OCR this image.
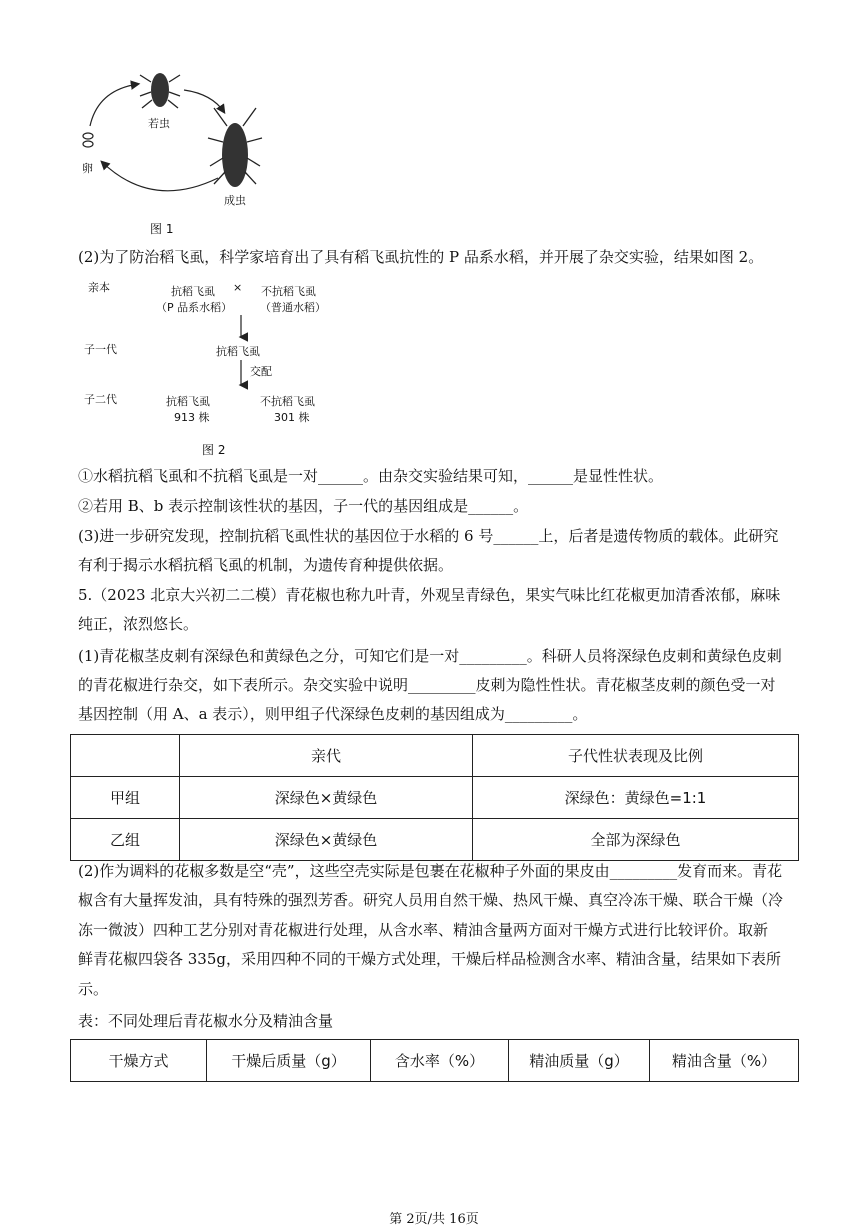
若虫
成虫
卵
图 1
(2)为了防治稻飞虱，科学家培育出了具有稻飞虱抗性的 P 品系水稻，并开展了杂交实验，结果如图 2。
亲本	抗稻飞虱
（P 品系水稻）
× 不抗稻飞虱
（普通水稻）
子一代	抗稻飞虱
交配
子二代	抗稻飞虱
913 株
不抗稻飞虱
301 株
图 2
①水稻抗稻飞虱和不抗稻飞虱是一对______。由杂交实验结果可知，______是显性性状。
②若用 B、b 表示控制该性状的基因，子一代的基因组成是______。
(3)进一步研究发现，控制抗稻飞虱性状的基因位于水稻的 6 号______上，后者是遗传物质的载体。此研究
有利于揭示水稻抗稻飞虱的机制，为遗传育种提供依据。
5.（2023 北京大兴初二二模）青花椒也称九叶青，外观呈青绿色，果实气味比红花椒更加清香浓郁，麻味
纯正，浓烈悠长。
(1)青花椒茎皮刺有深绿色和黄绿色之分，可知它们是一对_________。科研人员将深绿色皮刺和黄绿色皮刺
的青花椒进行杂交，如下表所示。杂交实验中说明_________皮刺为隐性性状。青花椒茎皮刺的颜色受一对
基因控制（用 A、a 表示），则甲组子代深绿色皮刺的基因组成为_________。
	亲代	子代性状表现及比例
甲组	深绿色×黄绿色	深绿色：黄绿色=1:1
乙组	深绿色×黄绿色	全部为深绿色
(2)作为调料的花椒多数是空“壳”，这些空壳实际是包裹在花椒种子外面的果皮由_________发育而来。青花
椒含有大量挥发油，具有特殊的强烈芳香。研究人员用自然干燥、热风干燥、真空冷冻干燥、联合干燥（冷
冻一微波）四种工艺分别对青花椒进行处理，从含水率、精油含量两方面对干燥方式进行比较评价。取新
鲜青花椒四袋各 335g，采用四种不同的干燥方式处理，干燥后样品检测含水率、精油含量，结果如下表所
示。
表：不同处理后青花椒水分及精油含量
干燥方式	干燥后质量（g）	含水率（%）	精油质量（g）	精油含量（%）
第 2页/共 16页
